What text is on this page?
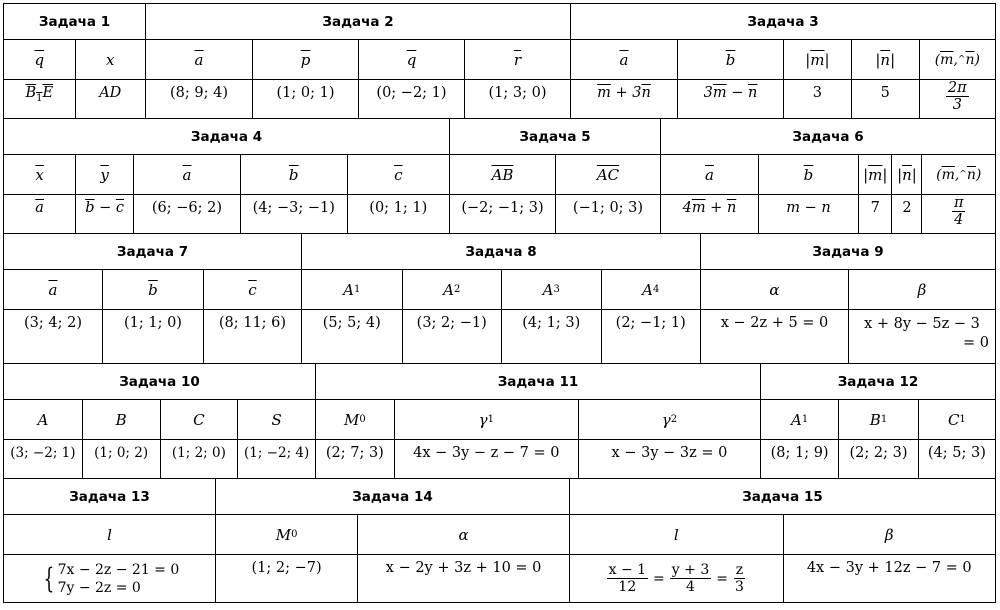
Задача 1
$\overline{q}$
$B_1E$
x
AD
Задача 2
$\overline{a}$
(8; 9; 4)
$\overline{p}$
(1; 0; 1)
$\overline{q}$
(0; −2; 1)
$\overline{r}$
(1; 3; 0)
Задача 3
$\overline{a}$
$\overline{m} + 3\overline{n}$
$\overline{b}$
$3\overline{m} - \overline{n}$
| $\overline{m}$ |
3
| $\overline{n}$ |
5
( $\overline{m}$ , ^ $\overline{n}$ )
$\frac{2\pi}{3}$
Задача 4
$\overline{x}$
$\overline{a}$
$\overline{y}$
$\overline{b} - \overline{c}$
$\overline{a}$
(6; −6; 2)
$\overline{b}$
(4; −3; −1)
$\overline{c}$
(0; 1; 1)
Задача 5
$\overline{AB}$
(−2; −1; 3)
$\overline{AC}$
(−1; 0; 3)
Задача 6
$\overline{a}$
$4\overline{m} + \overline{n}$
$\overline{b}$
m − n
| $\overline{m}$ |
7
| $\overline{n}$ |
2
( $\overline{m}$ , ^ $\overline{n}$ )
$\frac{\pi}{4}$
Задача 7
$\overline{a}$
(3; 4; 2)
$\overline{b}$
(1; 1; 0)
$\overline{c}$
(8; 11; 6)
Задача 8
A 1
(5; 5; 4)
A 2
(3; 2; −1)
A 3
(4; 1; 3)
A 4
(2; −1; 1)
Задача 9
α
x − 2z + 5 = 0
β
x + 8y − 5z − 3
= 0
Задача 10
A
(3; −2; 1)
B
(1; 0; 2)
C
(1; 2; 0)
S
(1; −2; 4)
Задача 11
M 0
(2; 7; 3)
γ 1
4x − 3y − z − 7 = 0
γ 2
x − 3y − 3z = 0
Задача 12
A 1
(8; 1; 9)
B 1
(2; 2; 3)
C 1
(4; 5; 3)
Задача 13
l
{ 7x − 2z − 21 = 0
7y − 2z = 0
Задача 14
M 0
(1; 2; −7)
α
x − 2y + 3z + 10 = 0
Задача 15
l
$\frac{x - 1}{12} = \frac{y + 3}{4} = \frac{z}{3}$
β
4x − 3y + 12z − 7 = 0
